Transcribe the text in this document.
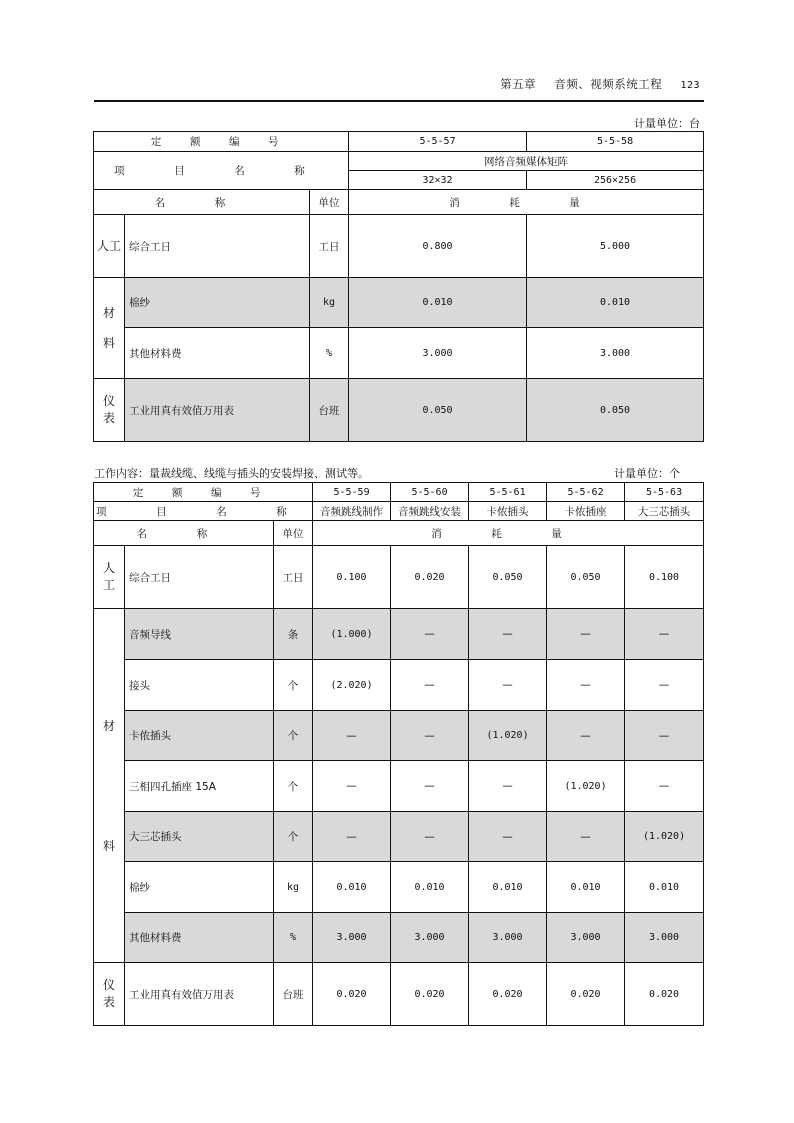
第五章 音频、视频系统工程 123
计量单位：台
定 额 编 号			5-5-57	5-5-58
项 目 名 称			网络音频媒体矩阵	
			32×32	256×256
名 称		单位	消 耗 量	
人工	综合工日	工日	0.800	5.000

材料	棉纱	kg	0.010	0.010
	其他材料费	%	3.000	3.000

仪表	工业用真有效值万用表	台班	0.050	0.050
工作内容：量裁线缆、线缆与插头的安装焊接、测试等。	计量单位：个
定 额 编 号			5-5-59	5-5-60	5-5-61	5-5-62	5-5-63
项 目 名 称			音频跳线制作	音频跳线安装	卡侬插头	卡侬插座	大三芯插头
名 称		单位	消 耗 量				

人工	综合工日	工日	0.100	0.020	0.050	0.050	0.100

材料	音频导线	条	(1.000)	—	—	—	—
	接头	个	(2.020)	—	—	—	—
	卡侬插头	个	—	—	(1.020)	—	—
	三相四孔插座 15A	个	—	—	—	(1.020)	—
	大三芯插头	个	—	—	—	—	(1.020)
	棉纱	kg	0.010	0.010	0.010	0.010	0.010
	其他材料费	%	3.000	3.000	3.000	3.000	3.000

仪表	工业用真有效值万用表	台班	0.020	0.020	0.020	0.020	0.020
